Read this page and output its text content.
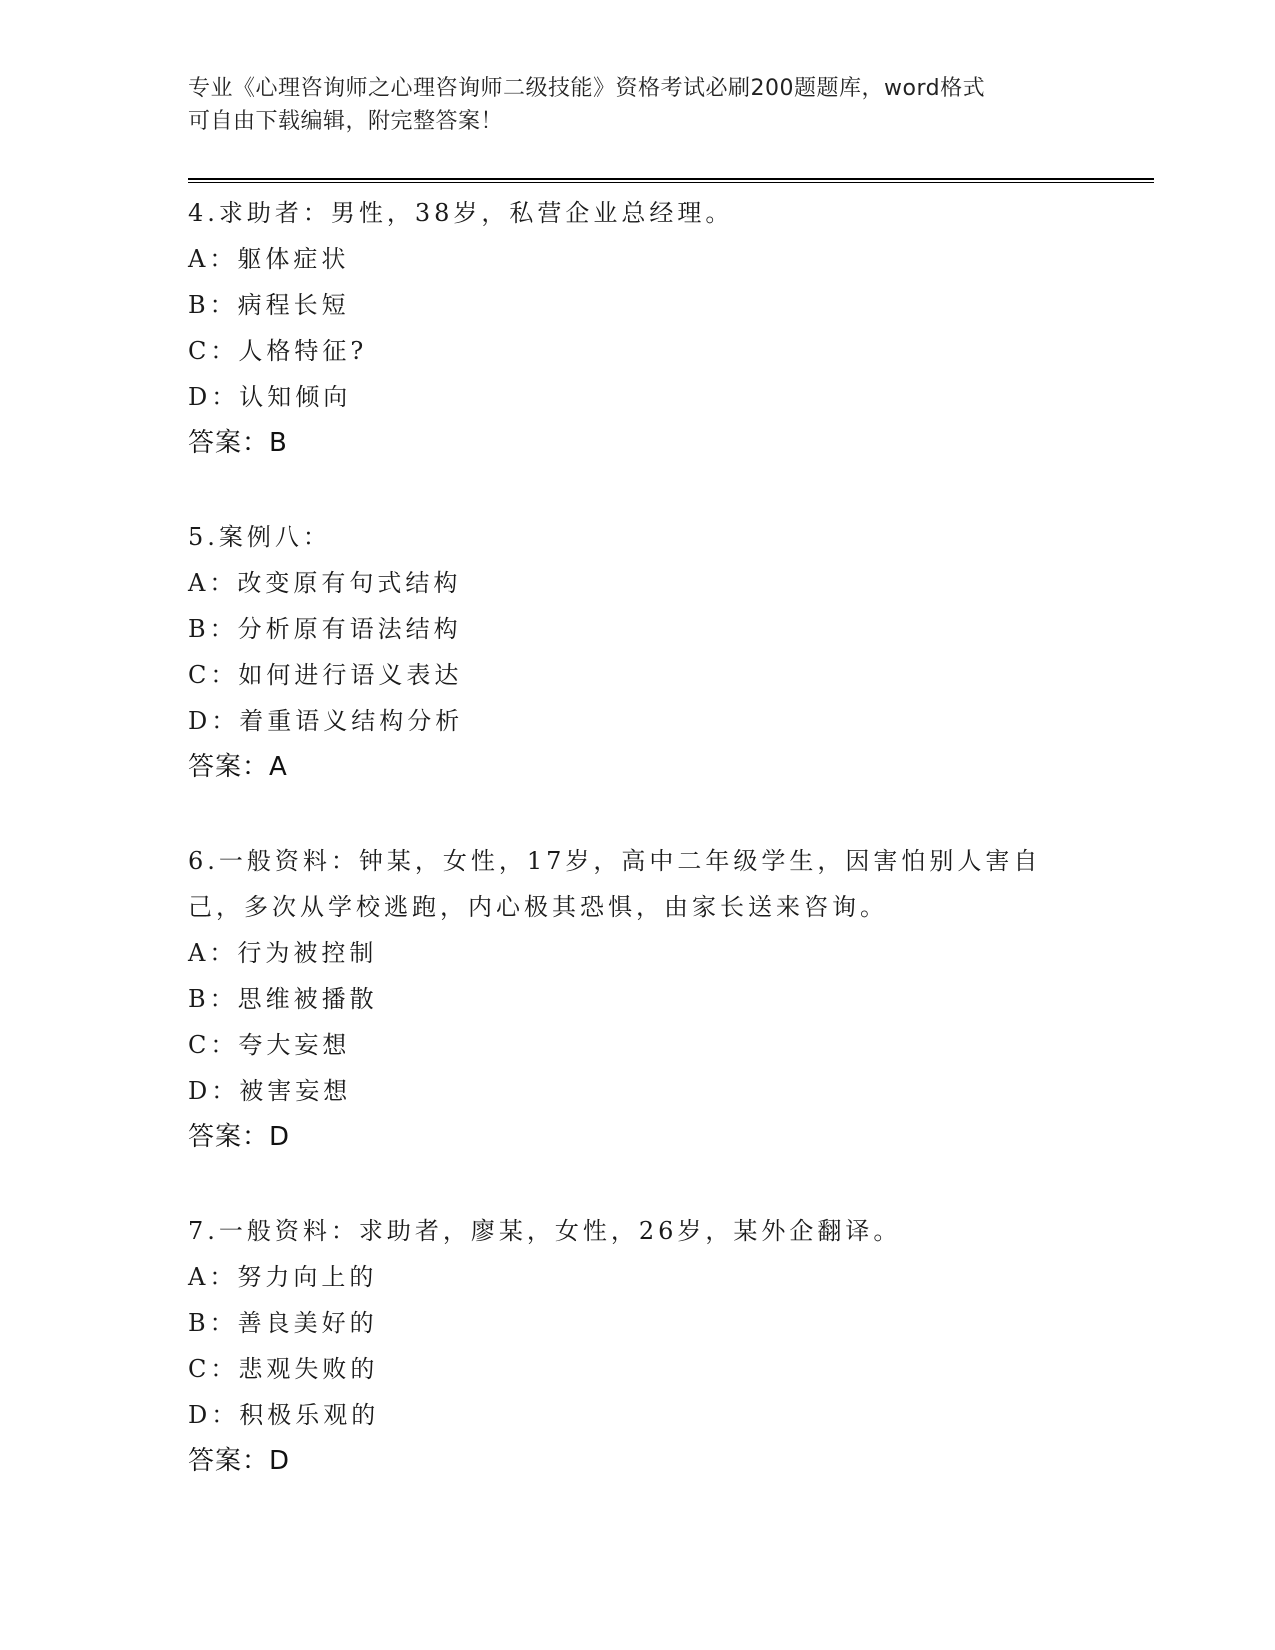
专业《心理咨询师之心理咨询师二级技能》资格考试必刷200题题库，word格式
可自由下载编辑，附完整答案！
4.求助者：男性，38岁，私营企业总经理。
A：躯体症状
B：病程长短
C：人格特征?
D：认知倾向
答案：B
5.案例八：
A：改变原有句式结构
B：分析原有语法结构
C：如何进行语义表达
D：着重语义结构分析
答案：A
6.一般资料：钟某，女性，17岁，高中二年级学生，因害怕别人害自
己，多次从学校逃跑，内心极其恐惧，由家长送来咨询。
A：行为被控制
B：思维被播散
C：夸大妄想
D：被害妄想
答案：D
7.一般资料：求助者，廖某，女性，26岁，某外企翻译。
A：努力向上的
B：善良美好的
C：悲观失败的
D：积极乐观的
答案：D
